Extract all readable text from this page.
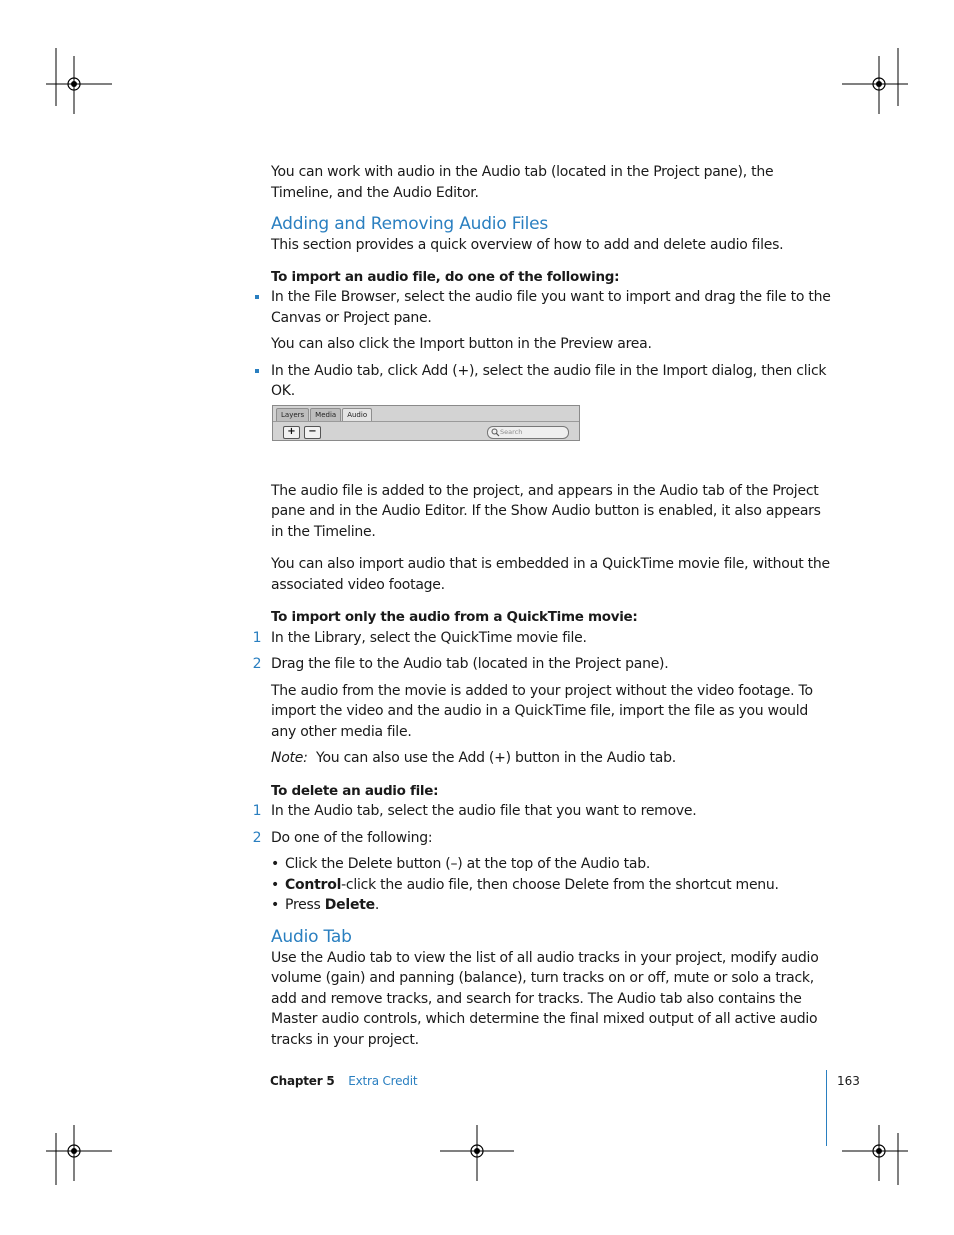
You can work with audio in the Audio tab (located in the Project pane), the Timeline, and the Audio Editor.

Adding and Removing Audio Files

This section provides a quick overview of how to add and delete audio files.

To import an audio file, do one of the following:

In the File Browser, select the audio file you want to import and drag the file to the Canvas or Project pane.

You can also click the Import button in the Preview area.

In the Audio tab, click Add (+), select the audio file in the Import dialog, then click OK.

The audio file is added to the project, and appears in the Audio tab of the Project pane and in the Audio Editor. If the Show Audio button is enabled, it also appears in the Timeline.

You can also import audio that is embedded in a QuickTime movie file, without the associated video footage.

To import only the audio from a QuickTime movie:

1 In the Library, select the QuickTime movie file.

2 Drag the file to the Audio tab (located in the Project pane).

The audio from the movie is added to your project without the video footage. To import the video and the audio in a QuickTime file, import the file as you would any other media file.

Note: You can also use the Add (+) button in the Audio tab.

To delete an audio file:

1 In the Audio tab, select the audio file that you want to remove.

2 Do one of the following:

• Click the Delete button (–) at the top of the Audio tab.

• Control-click the audio file, then choose Delete from the shortcut menu.

• Press Delete.

Audio Tab

Use the Audio tab to view the list of all audio tracks in your project, modify audio volume (gain) and panning (balance), turn tracks on or off, mute or solo a track, add and remove tracks, and search for tracks. The Audio tab also contains the Master audio controls, which determine the final mixed output of all active audio tracks in your project.

Layers	Media	Audio
+	−	Search
Chapter 5 Extra Credit	163
